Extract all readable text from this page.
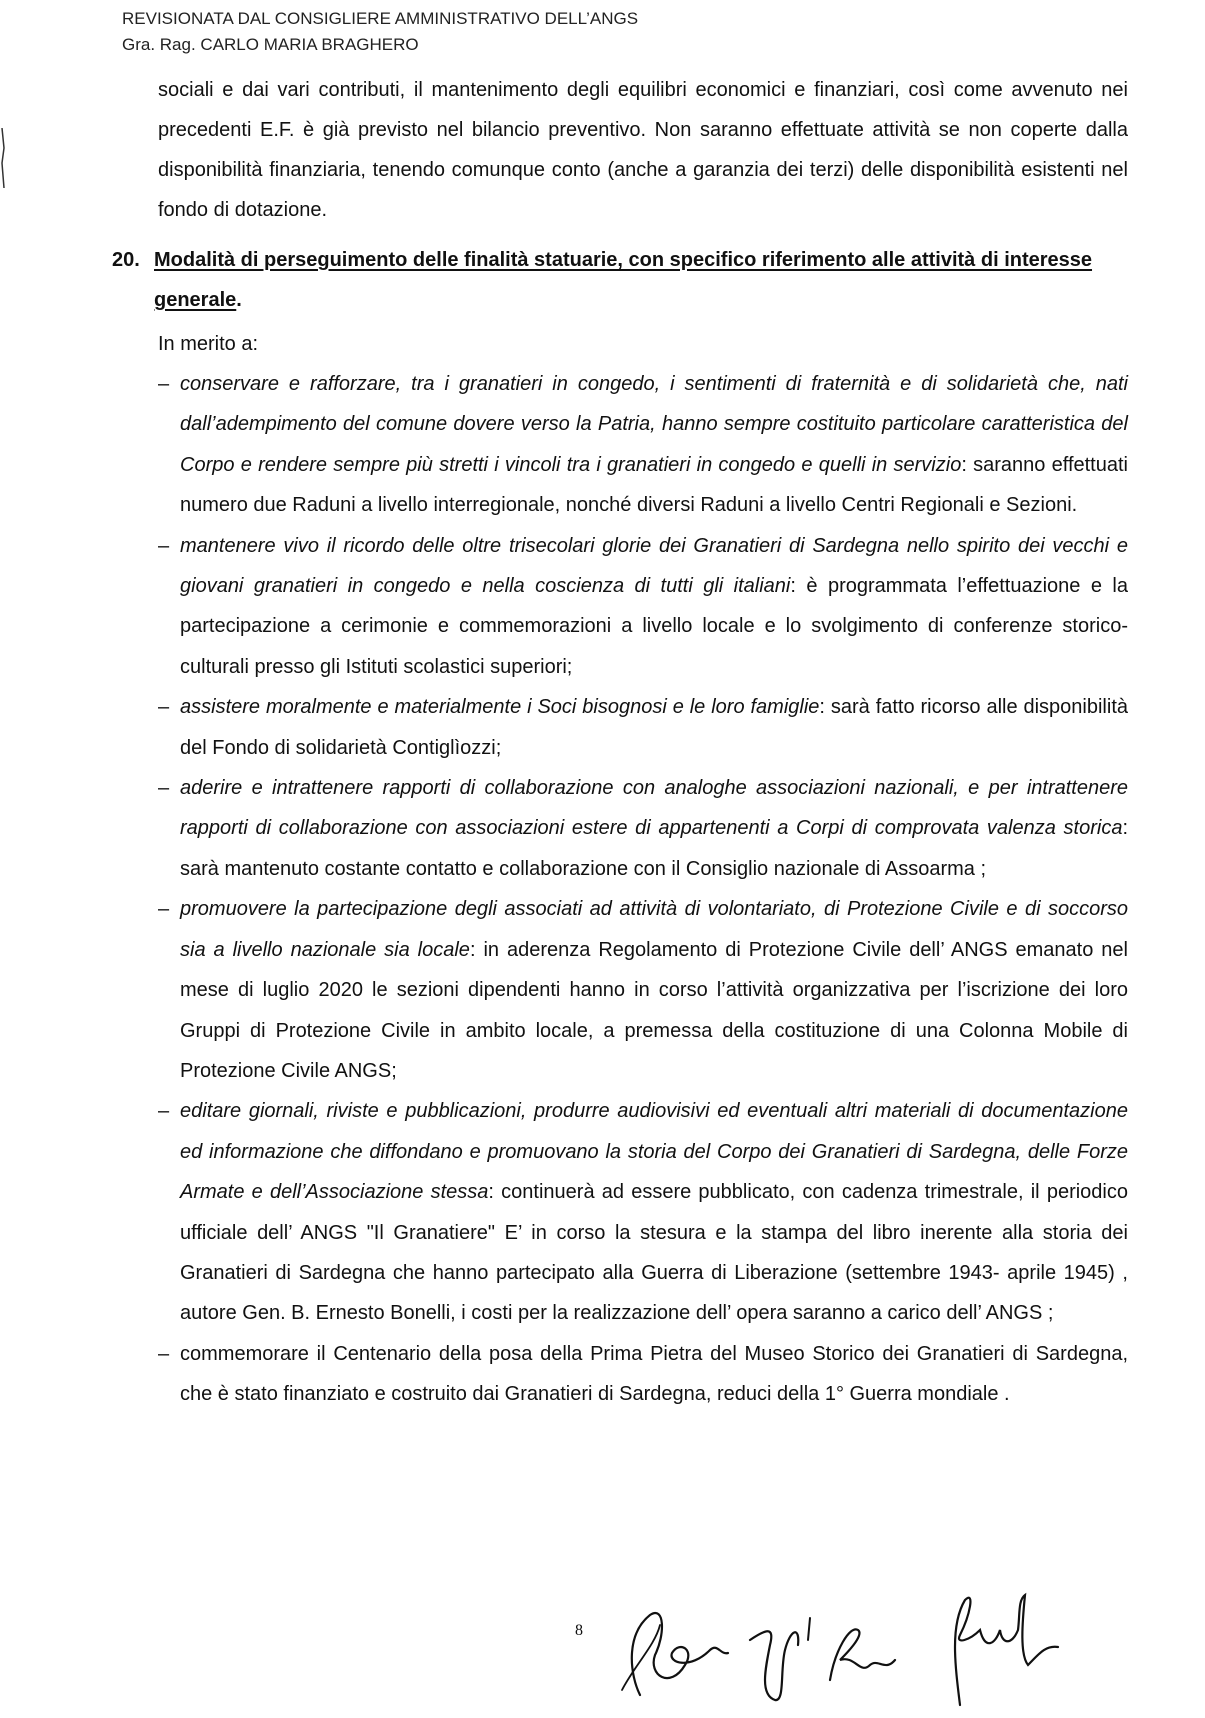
REVISIONATA DAL CONSIGLIERE AMMINISTRATIVO DELL’ANGS
Gra. Rag. CARLO MARIA BRAGHERO

sociali e dai vari contributi, il mantenimento degli equilibri economici e finanziari, così come avvenuto nei precedenti E.F. è già previsto nel bilancio preventivo. Non saranno effettuate attività se non coperte dalla disponibilità finanziaria, tenendo comunque conto (anche a garanzia dei terzi) delle disponibilità esistenti nel fondo di dotazione.

20. Modalità di perseguimento delle finalità statuarie, con specifico riferimento alle attività di interesse generale.
In merito a:
– conservare e rafforzare, tra i granatieri in congedo, i sentimenti di fraternità e di solidarietà che, nati dall’adempimento del comune dovere verso la Patria, hanno sempre costituito particolare caratteristica del Corpo e rendere sempre più stretti i vincoli tra i granatieri in congedo e quelli in servizio: saranno effettuati numero due Raduni a livello interregionale, nonché diversi Raduni a livello Centri Regionali e Sezioni.
– mantenere vivo il ricordo delle oltre trisecolari glorie dei Granatieri di Sardegna nello spirito dei vecchi e giovani granatieri in congedo e nella coscienza di tutti gli italiani: è programmata l’effettuazione e la partecipazione a cerimonie e commemorazioni a livello locale e lo svolgimento di conferenze storico- culturali presso gli Istituti scolastici superiori;
– assistere moralmente e materialmente i Soci bisognosi e le loro famiglie: sarà fatto ricorso alle disponibilità del Fondo di solidarietà Contiglìozzi;
– aderire e intrattenere rapporti di collaborazione con analoghe associazioni nazionali, e per intrattenere rapporti di collaborazione con associazioni estere di appartenenti a Corpi di comprovata valenza storica: sarà mantenuto costante contatto e collaborazione con il Consiglio nazionale di Assoarma ;
– promuovere la partecipazione degli associati ad attività di volontariato, di Protezione Civile e di soccorso sia a livello nazionale sia locale: in aderenza Regolamento di Protezione Civile dell’ ANGS emanato nel mese di luglio 2020 le sezioni dipendenti hanno in corso l’attività organizzativa per l’iscrizione dei loro Gruppi di Protezione Civile in ambito locale, a premessa della costituzione di una Colonna Mobile di Protezione Civile ANGS;
– editare giornali, riviste e pubblicazioni, produrre audiovisivi ed eventuali altri materiali di documentazione ed informazione che diffondano e promuovano la storia del Corpo dei Granatieri di Sardegna, delle Forze Armate e dell’Associazione stessa: continuerà ad essere pubblicato, con cadenza trimestrale, il periodico ufficiale dell’ ANGS "Il Granatiere" E’ in corso la stesura e la stampa del libro inerente alla storia dei Granatieri di Sardegna che hanno partecipato alla Guerra di Liberazione (settembre 1943- aprile 1945) , autore Gen. B. Ernesto Bonelli, i costi per la realizzazione dell’ opera saranno a carico dell’ ANGS ;
– commemorare il Centenario della posa della Prima Pietra del Museo Storico dei Granatieri di Sardegna, che è stato finanziato e costruito dai Granatieri di Sardegna, reduci della 1° Guerra mondiale .
8
